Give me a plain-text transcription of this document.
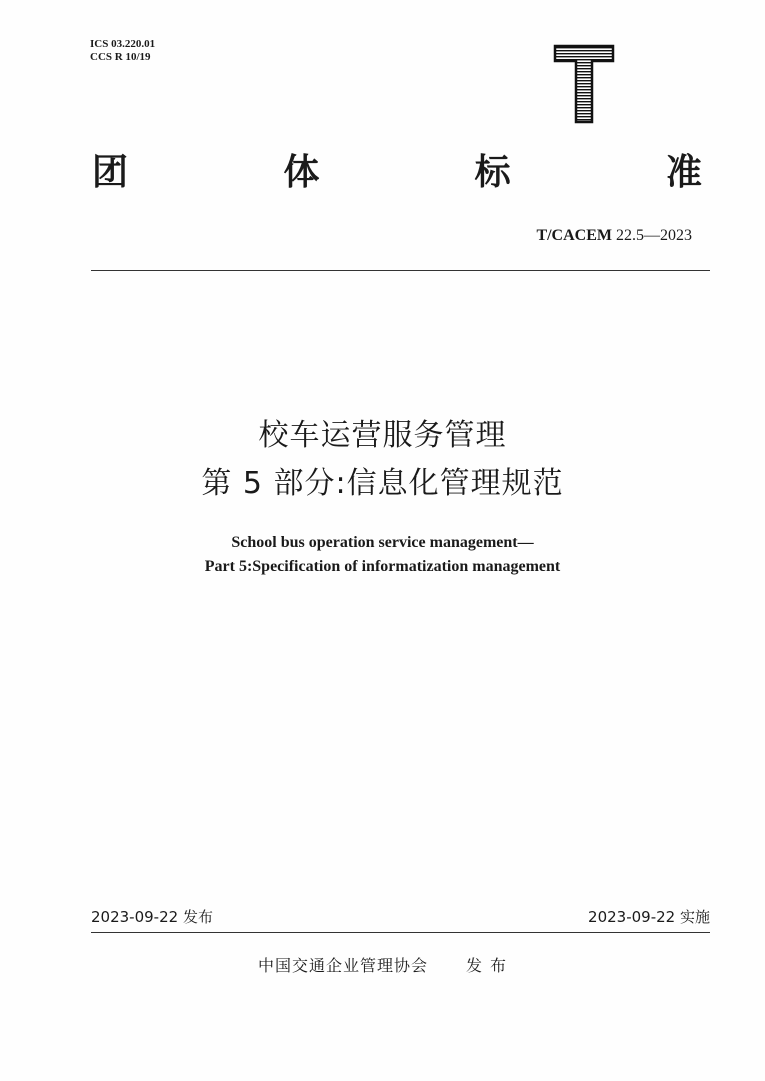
ICS 03.220.01
CCS R 10/19
T
团	体	标	准
T/CACEM 22.5—2023
校车运营服务管理
第 5 部分:信息化管理规范
School bus operation service management—
Part 5:Specification of informatization management
2023-09-22 发布	2023-09-22 实施
中国交通企业管理协会 发布
